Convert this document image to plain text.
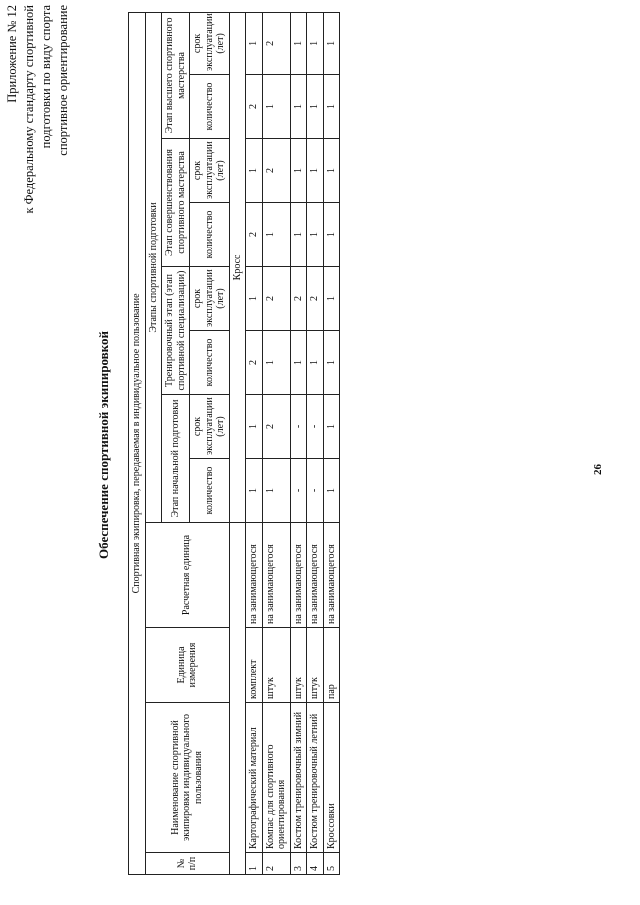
26
Приложение № 12 к Федеральному стандарту спортивной подготовки по виду спорта спортивное ориентирование
Обеспечение спортивной экипировкой Спортивная экипировка, передаваемая в индивидуальное пользование											
№ п/п	Наименование спортивной экипировки индивидуального пользования	Единица измерения	Расчетная единица	Этапы спортивной подготовки							
				Этап начальной подготовки		Тренировочный этап (этап спортивной специализации)		Этап совершенствования спортивного мастерства		Этап высшего спортивного мастерства	
				количество	срок эксплуатации (лет)	количество	срок эксплуатации (лет)	количество	срок эксплуатации (лет)	количество	срок эксплуатации (лет)
				Кросс							
1	Картографический материал	комплект	на занимающегося	1	1	2	1	2	1	2	1
2	Компас для спортивного ориентирования	штук	на занимающегося	1	2	1	2	1	2	1	2
3	Костюм тренировочный зимний	штук	на занимающегося	-	-	1	2	1	1	1	1
4	Костюм тренировочный летний	штук	на занимающегося	-	-	1	2	1	1	1	1
5	Кроссовки	пар	на занимающегося	1	1	1	1	1	1	1	1
